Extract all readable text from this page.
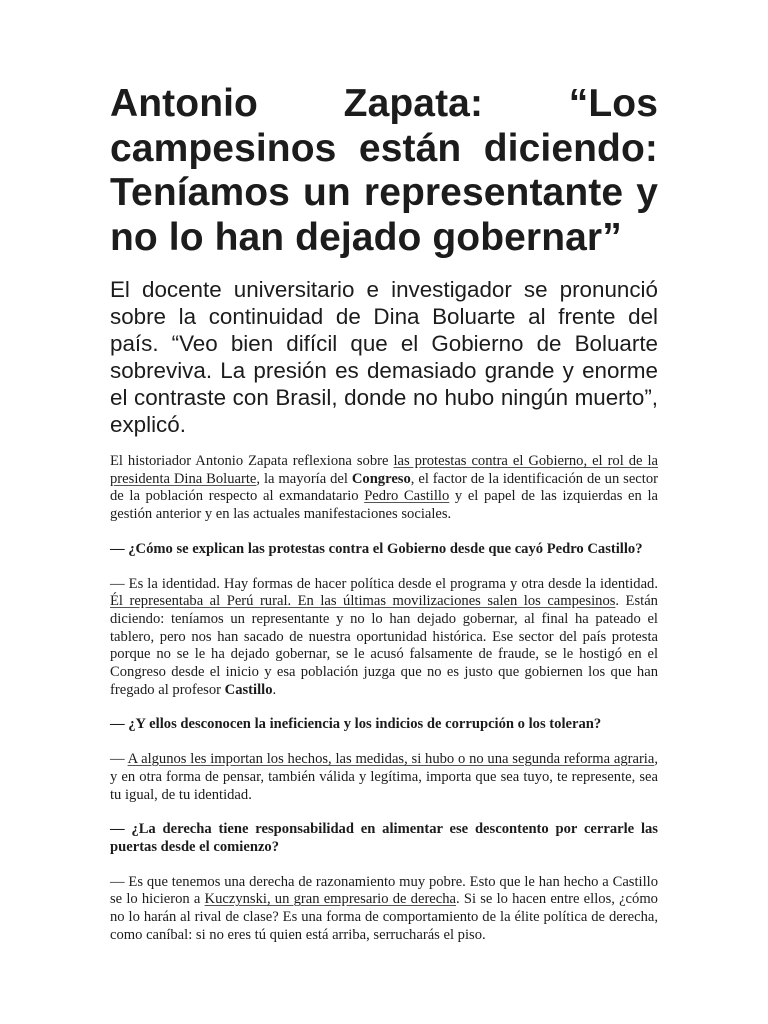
Antonio Zapata: “Los campesinos están diciendo: Teníamos un representante y no lo han dejado gobernar”

El docente universitario e investigador se pronunció sobre la continuidad de Dina Boluarte al frente del país. “Veo bien difícil que el Gobierno de Boluarte sobreviva. La presión es demasiado grande y enorme el contraste con Brasil, donde no hubo ningún muerto”, explicó.

El historiador Antonio Zapata reflexiona sobre las protestas contra el Gobierno, el rol de la presidenta Dina Boluarte, la mayoría del Congreso, el factor de la identificación de un sector de la población respecto al exmandatario Pedro Castillo y el papel de las izquierdas en la gestión anterior y en las actuales manifestaciones sociales.

— ¿Cómo se explican las protestas contra el Gobierno desde que cayó Pedro Castillo?

— Es la identidad. Hay formas de hacer política desde el programa y otra desde la identidad. Él representaba al Perú rural. En las últimas movilizaciones salen los campesinos. Están diciendo: teníamos un representante y no lo han dejado gobernar, al final ha pateado el tablero, pero nos han sacado de nuestra oportunidad histórica. Ese sector del país protesta porque no se le ha dejado gobernar, se le acusó falsamente de fraude, se le hostigó en el Congreso desde el inicio y esa población juzga que no es justo que gobiernen los que han fregado al profesor Castillo.

— ¿Y ellos desconocen la ineficiencia y los indicios de corrupción o los toleran?

— A algunos les importan los hechos, las medidas, si hubo o no una segunda reforma agraria, y en otra forma de pensar, también válida y legítima, importa que sea tuyo, te represente, sea tu igual, de tu identidad.

— ¿La derecha tiene responsabilidad en alimentar ese descontento por cerrarle las puertas desde el comienzo?

— Es que tenemos una derecha de razonamiento muy pobre. Esto que le han hecho a Castillo se lo hicieron a Kuczynski, un gran empresario de derecha. Si se lo hacen entre ellos, ¿cómo no lo harán al rival de clase? Es una forma de comportamiento de la élite política de derecha, como caníbal: si no eres tú quien está arriba, serrucharás el piso.
